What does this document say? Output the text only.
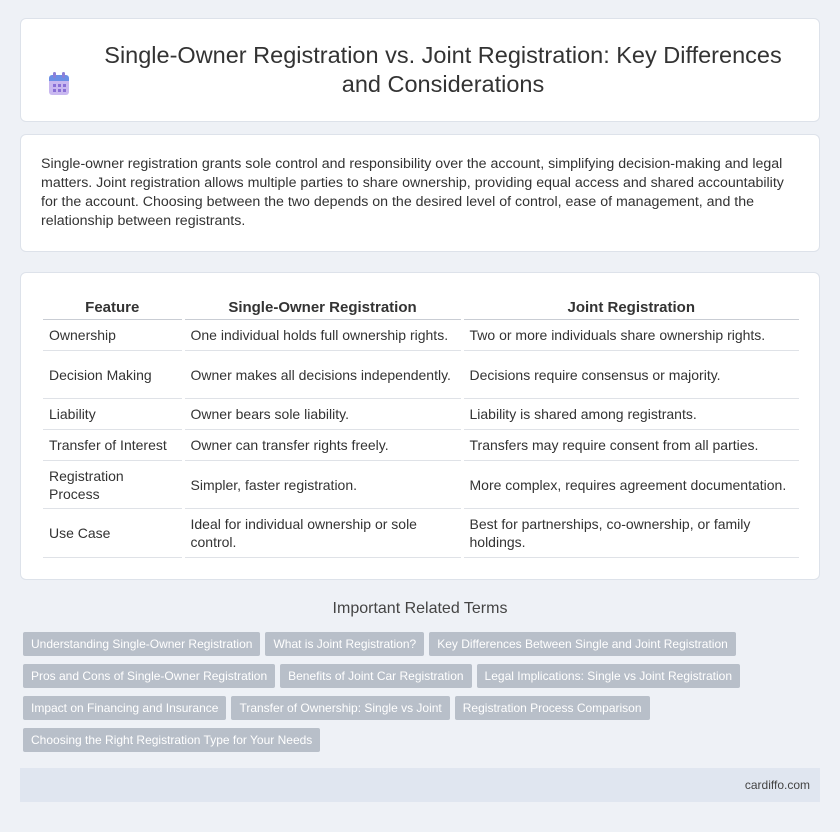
Single-Owner Registration vs. Joint Registration: Key Differences and Considerations

Single-owner registration grants sole control and responsibility over the account, simplifying decision-making and legal matters. Joint registration allows multiple parties to share ownership, providing equal access and shared accountability for the account. Choosing between the two depends on the desired level of control, ease of management, and the relationship between registrants.

Feature	Single-Owner Registration	Joint Registration
Ownership	One individual holds full ownership rights.	Two or more individuals share ownership rights.
Decision Making	Owner makes all decisions independently.	Decisions require consensus or majority.
Liability	Owner bears sole liability.	Liability is shared among registrants.
Transfer of Interest	Owner can transfer rights freely.	Transfers may require consent from all parties.
Registration Process	Simpler, faster registration.	More complex, requires agreement documentation.
Use Case	Ideal for individual ownership or sole control.	Best for partnerships, co-ownership, or family holdings.
Important Related Terms
Understanding Single-Owner Registration What is Joint Registration? Key Differences Between Single and Joint Registration
Pros and Cons of Single-Owner Registration Benefits of Joint Car Registration Legal Implications: Single vs Joint Registration
Impact on Financing and Insurance Transfer of Ownership: Single vs Joint Registration Process Comparison
Choosing the Right Registration Type for Your Needs
cardiffo.com
